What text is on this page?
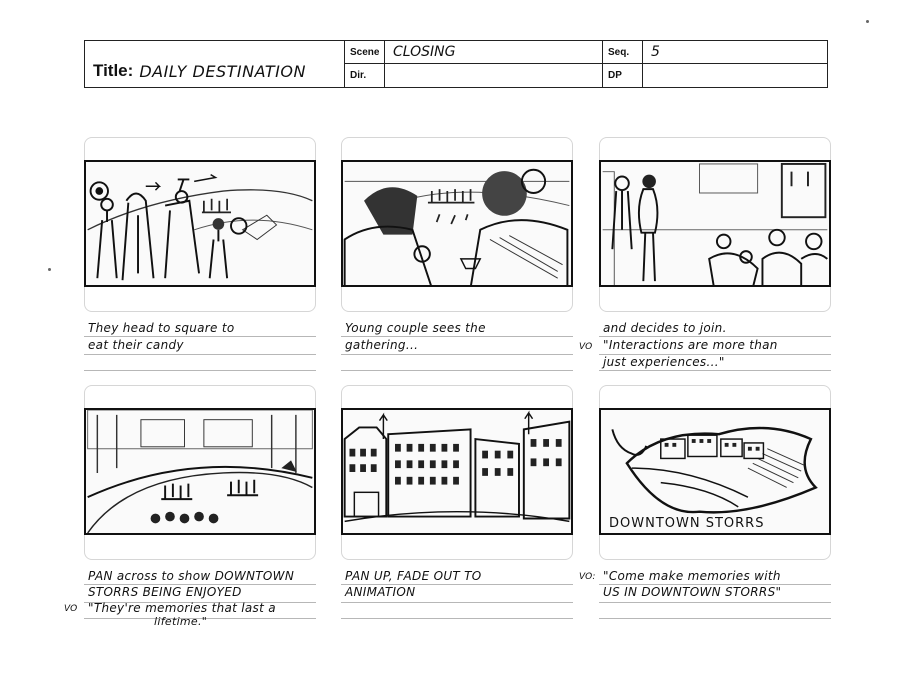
Title: DAILY DESTINATION
Scene CLOSING	Seq.	5
Dir.	DP
They head to square to
eat their candy
Young couple sees the
gathering...
and decides to join.
VO "Interactions are more than
just experiences..."
PAN across to show DOWNTOWN
STORRS BEING ENJOYED
VO "They're memories that last a
lifetime."
PAN UP, FADE OUT TO
ANIMATION
DOWNTOWN STORRS
VO: "Come make memories with
US IN DOWNTOWN STORRS"
